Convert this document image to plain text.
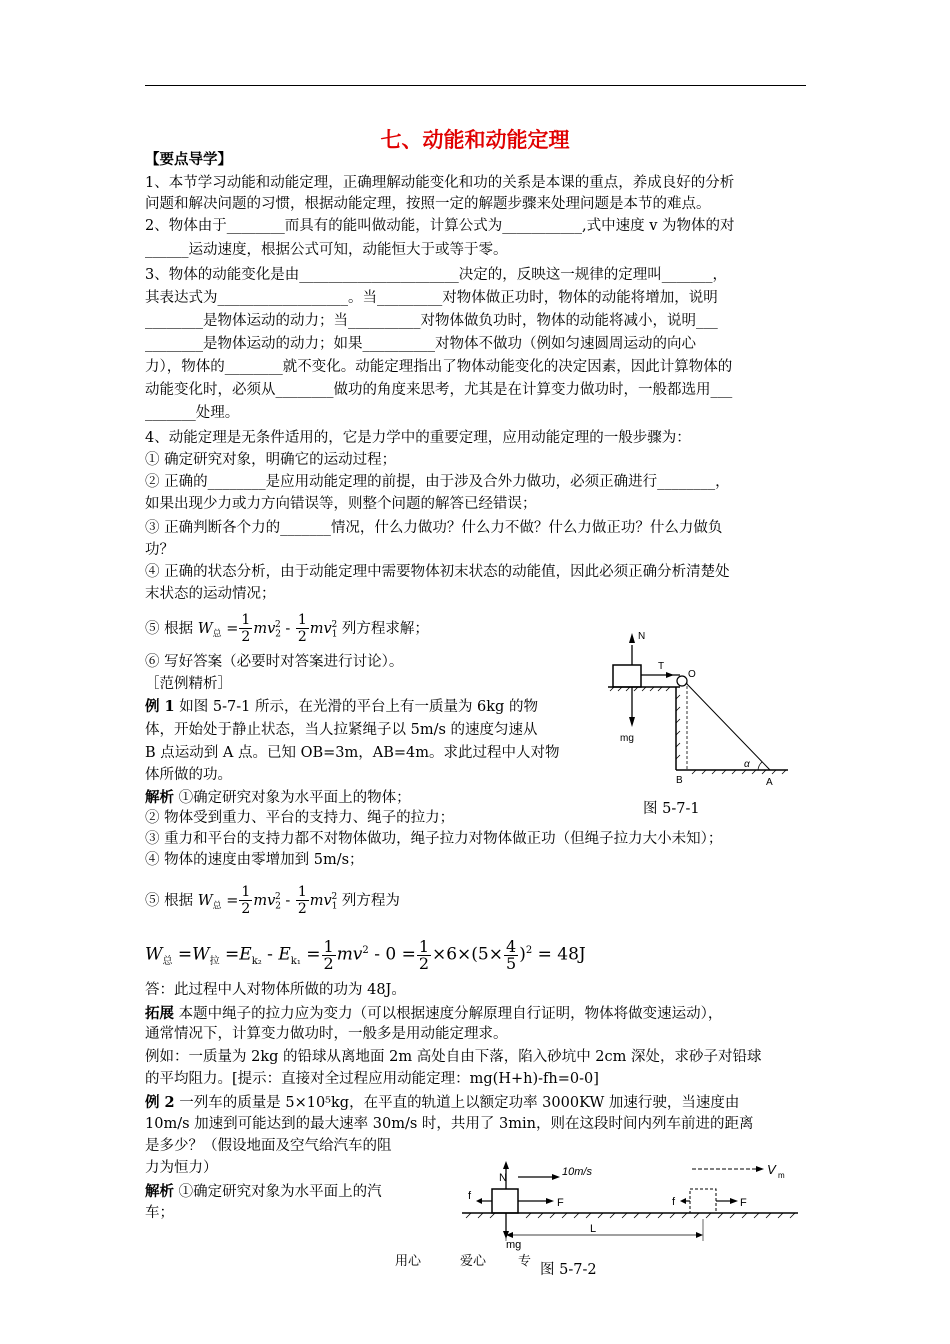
七、动能和动能定理
【要点导学】
1、本节学习动能和动能定理，正确理解动能变化和功的关系是本课的重点，养成良好的分析
问题和解决问题的习惯，根据动能定理，按照一定的解题步骤来处理问题是本节的难点。
2、物体由于________而具有的能叫做动能，计算公式为___________,式中速度 v 为物体的对
______运动速度，根据公式可知，动能恒大于或等于零。
3、物体的动能变化是由______________________决定的，反映这一规律的定理叫_______，
其表达式为__________________。当_________对物体做正功时，物体的动能将增加，说明
________是物体运动的动力；当__________对物体做负功时，物体的动能将减小，说明___
________是物体运动的动力；如果__________对物体不做功（例如匀速圆周运动的向心
力），物体的________就不变化。动能定理指出了物体动能变化的决定因素，因此计算物体的
动能变化时，必须从________做功的角度来思考，尤其是在计算变力做功时，一般都选用___
_______处理。
4、动能定理是无条件适用的，它是力学中的重要定理，应用动能定理的一般步骤为：
① 确定研究对象，明确它的运动过程；
② 正确的________是应用动能定理的前提，由于涉及合外力做功，必须正确进行________，
如果出现少力或力方向错误等，则整个问题的解答已经错误；
③ 正确判断各个力的_______情况，什么力做功？什么力不做？什么力做正功？什么力做负
功？
④ 正确的状态分析，由于动能定理中需要物体初末状态的动能值，因此必须正确分析清楚处
末状态的运动情况；
⑤ 根据 $W_总 = \frac{1}{2} mv_2^2 - \frac{1}{2} mv_1^2$ 列方程求解；
⑥ 写好答案（必要时对答案进行讨论）。
［范例精析］
例 1 如图 5-7-1 所示，在光滑的平台上有一质量为 6kg 的物
体，开始处于静止状态，当人拉紧绳子以 5m/s 的速度匀速从
B 点运动到 A 点。已知 OB=3m，AB=4m。求此过程中人对物
体所做的功。
解析 ①确定研究对象为水平面上的物体；
② 物体受到重力、平台的支持力、绳子的拉力；
③ 重力和平台的支持力都不对物体做功，绳子拉力对物体做正功（但绳子拉力大小未知）；
④ 物体的速度由零增加到 5m/s；
⑤ 根据 $W_总 = \frac{1}{2} mv_2^2 - \frac{1}{2} mv_1^2$ 列方程为
$W_总 =W_拉 =E_{k_2} - E_{k_1} = \frac{1}{2} mv^2 - 0 = \frac{1}{2} \times 6\times(5\times \frac{4}{5} )^2 = 48J$
答：此过程中人对物体所做的功为 48J。
拓展 本题中绳子的拉力应为变力（可以根据速度分解原理自行证明，物体将做变速运动），
通常情况下，计算变力做功时，一般多是用动能定理求。
例如：一质量为 2kg 的铅球从离地面 2m 高处自由下落，陷入砂坑中 2cm 深处，求砂子对铅球
的平均阻力。[提示：直接对全过程应用动能定理：mg(H+h)-fh=0-0]
例 2 一列车的质量是 5×10⁵kg，在平直的轨道上以额定功率 3000KW 加速行驶，当速度由
10m/s 加速到可能达到的最大速率 30m/s 时，共用了 3min，则在这段时间内列车前进的距离
是多少？（假设地面及空气给汽车的阻
力为恒力）
解析 ①确定研究对象为水平面上的汽
车；
N
T
O
mg
α
B	A
图 5-7-1
N	10m/s
f
F
mg
V m
f	F
L
图 5-7-2
用心	爱心 专
